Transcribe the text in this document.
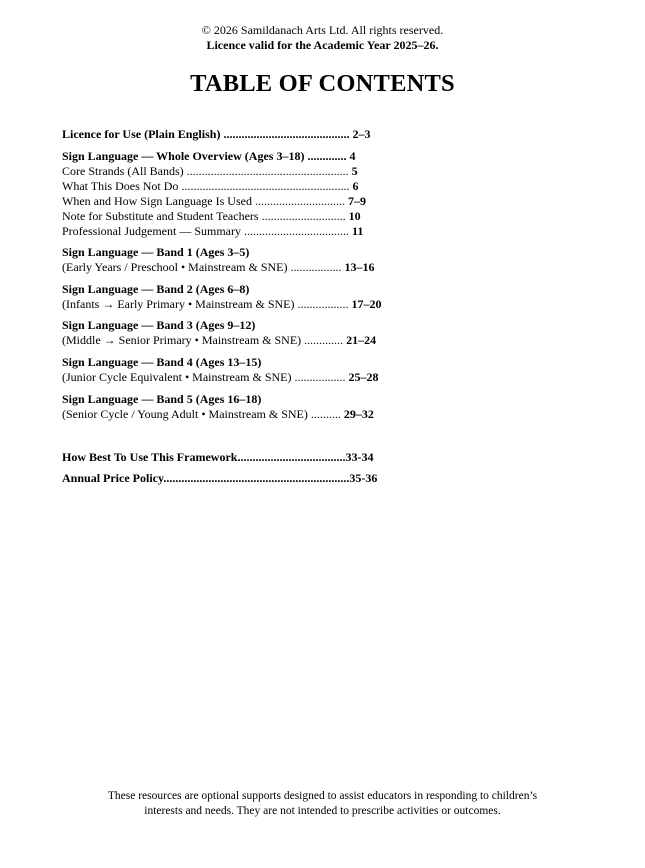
© 2026 Samildanach Arts Ltd. All rights reserved.
Licence valid for the Academic Year 2025–26.
TABLE OF CONTENTS
Licence for Use (Plain English) .......................................... 2–3
Sign Language — Whole Overview (Ages 3–18) ............. 4
Core Strands (All Bands) ...................................................... 5
What This Does Not Do ........................................................ 6
When and How Sign Language Is Used .............................. 7–9
Note for Substitute and Student Teachers ............................ 10
Professional Judgement — Summary ................................... 11
Sign Language — Band 1 (Ages 3–5)
(Early Years / Preschool • Mainstream & SNE) ................. 13–16
Sign Language — Band 2 (Ages 6–8)
(Infants → Early Primary • Mainstream & SNE) ................. 17–20
Sign Language — Band 3 (Ages 9–12)
(Middle → Senior Primary • Mainstream & SNE) ............. 21–24
Sign Language — Band 4 (Ages 13–15)
(Junior Cycle Equivalent • Mainstream & SNE) ................. 25–28
Sign Language — Band 5 (Ages 16–18)
(Senior Cycle / Young Adult • Mainstream & SNE) .......... 29–32
How Best To Use This Framework....................................33-34
Annual Price Policy..............................................................35-36
These resources are optional supports designed to assist educators in responding to children’s
interests and needs. They are not intended to prescribe activities or outcomes.
